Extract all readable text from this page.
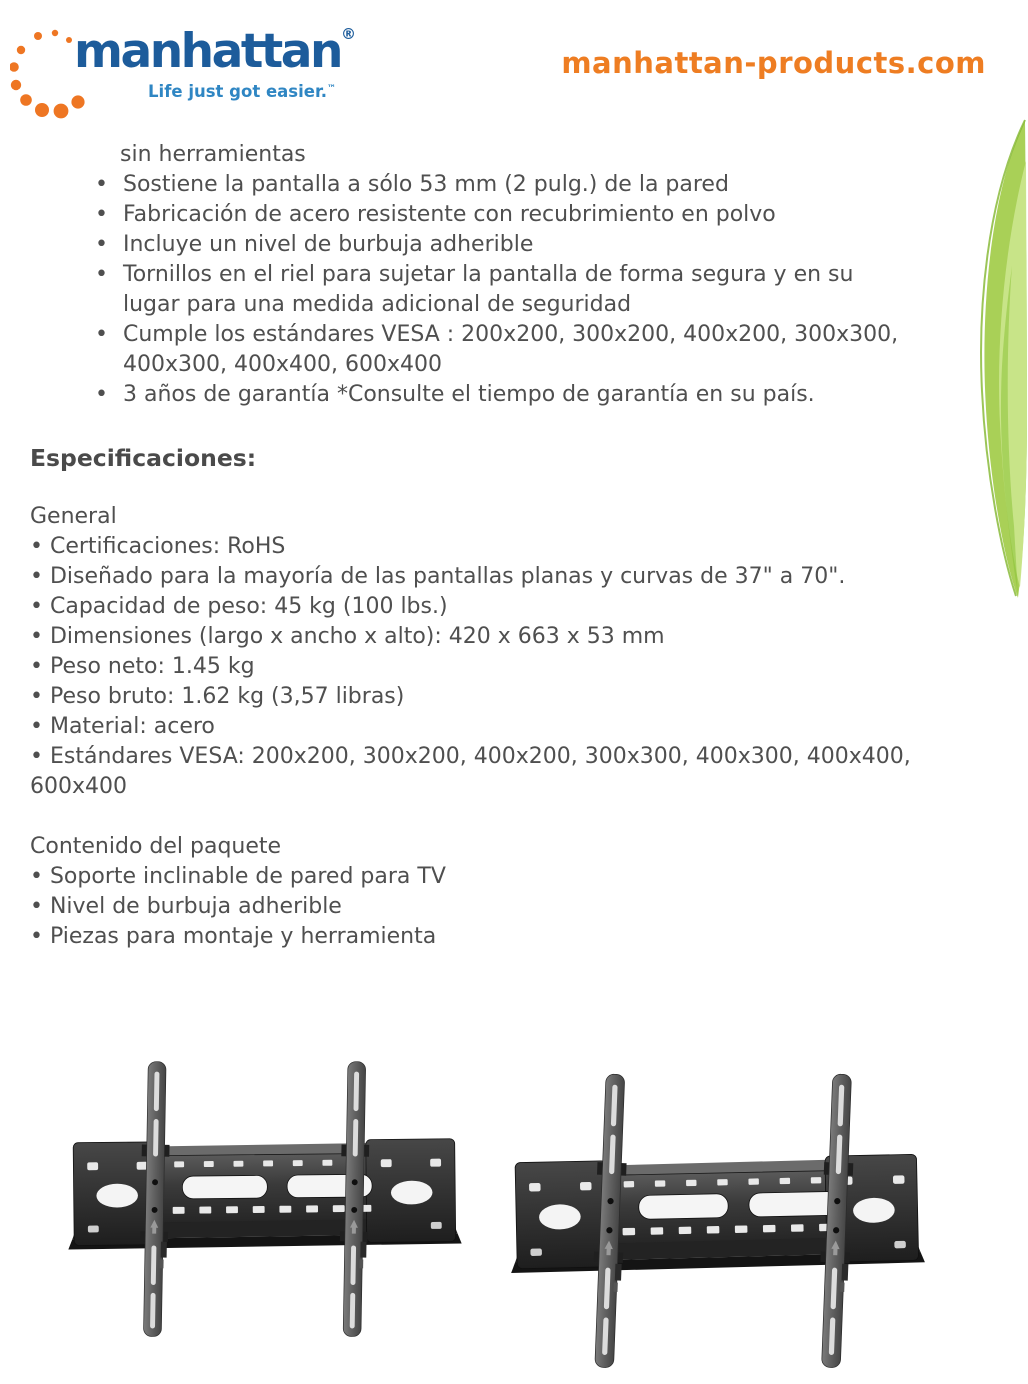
manhattan®
Life just got easier.™
manhattan-products.com
sin herramientas
• Sostiene la pantalla a sólo 53 mm (2 pulg.) de la pared
• Fabricación de acero resistente con recubrimiento en polvo
• Incluye un nivel de burbuja adherible
• Tornillos en el riel para sujetar la pantalla de forma segura y en su
lugar para una medida adicional de seguridad
• Cumple los estándares VESA : 200x200, 300x200, 400x200, 300x300,
400x300, 400x400, 600x400
• 3 años de garantía *Consulte el tiempo de garantía en su país.
Especificaciones:
General
• Certificaciones: RoHS
• Diseñado para la mayoría de las pantallas planas y curvas de 37" a 70".
• Capacidad de peso: 45 kg (100 lbs.)
• Dimensiones (largo x ancho x alto): 420 x 663 x 53 mm
• Peso neto: 1.45 kg
• Peso bruto: 1.62 kg (3,57 libras)
• Material: acero
• Estándares VESA: 200x200, 300x200, 400x200, 300x300, 400x300, 400x400,
600x400
Contenido del paquete
• Soporte inclinable de pared para TV
• Nivel de burbuja adherible
• Piezas para montaje y herramienta
